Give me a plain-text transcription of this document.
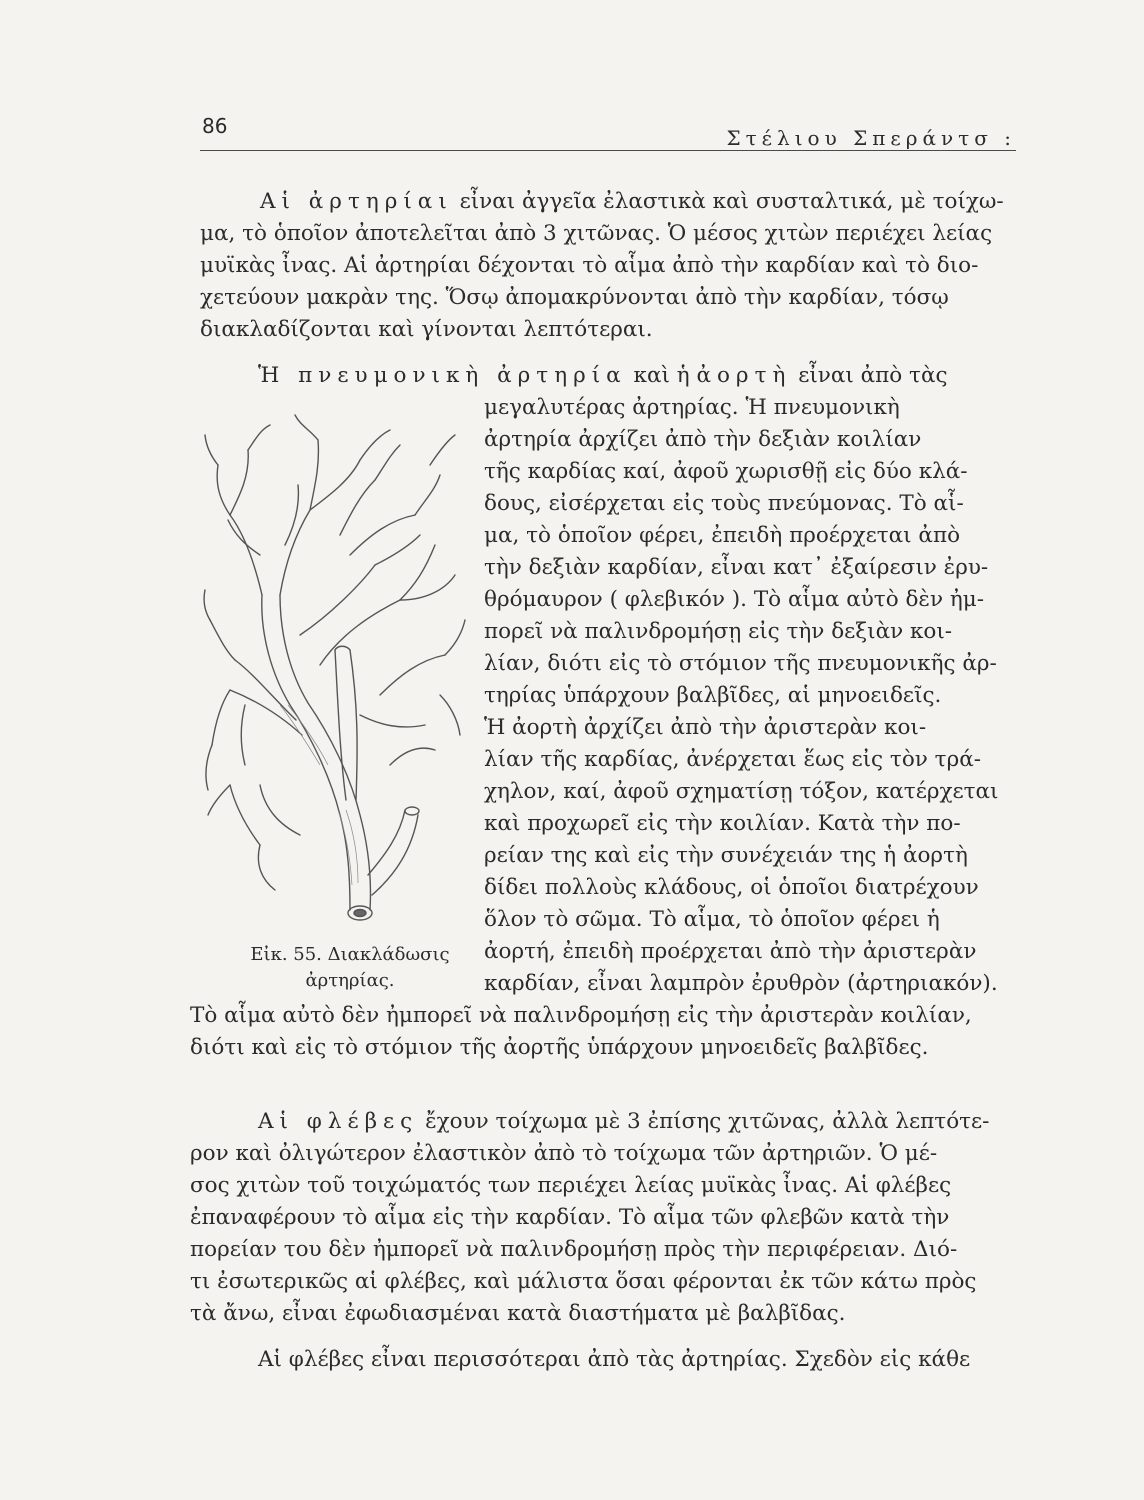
86	Στέλιου Σπεράντσ :
Αἱ ἀρτηρίαι εἶναι ἀγγεῖα ἐλαστικὰ καὶ συσταλτικά, μὲ τοίχω-
μα, τὸ ὁποῖον ἀποτελεῖται ἀπὸ 3 χιτῶνας. Ὁ μέσος χιτὼν περιέχει λείας
μυϊκὰς ἶνας. Αἱ ἀρτηρίαι δέχονται τὸ αἷμα ἀπὸ τὴν καρδίαν καὶ τὸ διο-
χετεύουν μακρὰν της. Ὅσῳ ἀπομακρύνονται ἀπὸ τὴν καρδίαν, τόσῳ
διακλαδίζονται καὶ γίνονται λεπτότεραι.
Ἡ πνευμονικὴ ἀρτηρία καὶ ἡ ἀορτὴ εἶναι ἀπὸ τὰς
μεγαλυτέρας ἀρτηρίας. Ἡ πνευμονικὴ
ἀρτηρία ἀρχίζει ἀπὸ τὴν δεξιὰν κοιλίαν
τῆς καρδίας καί, ἀφοῦ χωρισθῇ εἰς δύο κλά-
δους, εἰσέρχεται εἰς τοὺς πνεύμονας. Τὸ αἷ-
μα, τὸ ὁποῖον φέρει, ἐπειδὴ προέρχεται ἀπὸ
τὴν δεξιὰν καρδίαν, εἶναι κατ᾽ ἐξαίρεσιν ἐρυ-
θρόμαυρον ( φλεβικόν ). Τὸ αἷμα αὐτὸ δὲν ἠμ-
πορεῖ νὰ παλινδρομήσῃ εἰς τὴν δεξιὰν κοι-
λίαν, διότι εἰς τὸ στόμιον τῆς πνευμονικῆς ἀρ-
τηρίας ὑπάρχουν βαλβῖδες, αἱ μηνοειδεῖς.
Ἡ ἀορτὴ ἀρχίζει ἀπὸ τὴν ἀριστερὰν κοι-
λίαν τῆς καρδίας, ἀνέρχεται ἕως εἰς τὸν τρά-
χηλον, καί, ἀφοῦ σχηματίσῃ τόξον, κατέρχεται
καὶ προχωρεῖ εἰς τὴν κοιλίαν. Κατὰ τὴν πο-
ρείαν της καὶ εἰς τὴν συνέχειάν της ἡ ἀορτὴ
δίδει πολλοὺς κλάδους, οἱ ὁποῖοι διατρέχουν
ὅλον τὸ σῶμα. Τὸ αἷμα, τὸ ὁποῖον φέρει ἡ
ἀορτή, ἐπειδὴ προέρχεται ἀπὸ τὴν ἀριστερὰν
καρδίαν, εἶναι λαμπρὸν ἐρυθρὸν (ἀρτηριακόν).
Τὸ αἷμα αὐτὸ δὲν ἠμπορεῖ νὰ παλινδρομήσῃ εἰς τὴν ἀριστερὰν κοιλίαν,
διότι καὶ εἰς τὸ στόμιον τῆς ἀορτῆς ὑπάρχουν μηνοειδεῖς βαλβῖδες.
Εἰκ. 55. Διακλάδωσις
ἀρτηρίας.
Αἱ φλέβες ἔχουν τοίχωμα μὲ 3 ἐπίσης χιτῶνας, ἀλλὰ λεπτότε-
ρον καὶ ὀλιγώτερον ἐλαστικὸν ἀπὸ τὸ τοίχωμα τῶν ἀρτηριῶν. Ὁ μέ-
σος χιτὼν τοῦ τοιχώματός των περιέχει λείας μυϊκὰς ἶνας. Αἱ φλέβες
ἐπαναφέρουν τὸ αἷμα εἰς τὴν καρδίαν. Τὸ αἷμα τῶν φλεβῶν κατὰ τὴν
πορείαν του δὲν ἠμπορεῖ νὰ παλινδρομήσῃ πρὸς τὴν περιφέρειαν. Διό-
τι ἐσωτερικῶς αἱ φλέβες, καὶ μάλιστα ὅσαι φέρονται ἐκ τῶν κάτω πρὸς
τὰ ἄνω, εἶναι ἐφωδιασμέναι κατὰ διαστήματα μὲ βαλβῖδας.
Αἱ φλέβες εἶναι περισσότεραι ἀπὸ τὰς ἀρτηρίας. Σχεδὸν εἰς κάθε
